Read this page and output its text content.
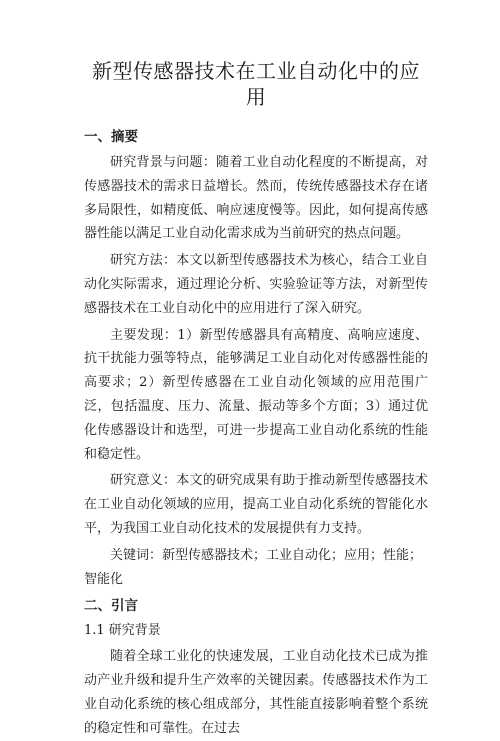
新型传感器技术在工业自动化中的应用
一、摘要

研究背景与问题：随着工业自动化程度的不断提高，对传感器技术的需求日益增长。然而，传统传感器技术存在诸多局限性，如精度低、响应速度慢等。因此，如何提高传感器性能以满足工业自动化需求成为当前研究的热点问题。

研究方法：本文以新型传感器技术为核心，结合工业自动化实际需求，通过理论分析、实验验证等方法，对新型传感器技术在工业自动化中的应用进行了深入研究。

主要发现：1）新型传感器具有高精度、高响应速度、抗干扰能力强等特点，能够满足工业自动化对传感器性能的高要求；2）新型传感器在工业自动化领域的应用范围广泛，包括温度、压力、流量、振动等多个方面；3）通过优化传感器设计和选型，可进一步提高工业自动化系统的性能和稳定性。

研究意义：本文的研究成果有助于推动新型传感器技术在工业自动化领域的应用，提高工业自动化系统的智能化水平，为我国工业自动化技术的发展提供有力支持。

关键词：新型传感器技术；工业自动化；应用；性能；智能化

二、引言
1.1 研究背景

随着全球工业化的快速发展，工业自动化技术已成为推动产业升级和提升生产效率的关键因素。传感器技术作为工业自动化系统的核心组成部分，其性能直接影响着整个系统的稳定性和可靠性。在过去
